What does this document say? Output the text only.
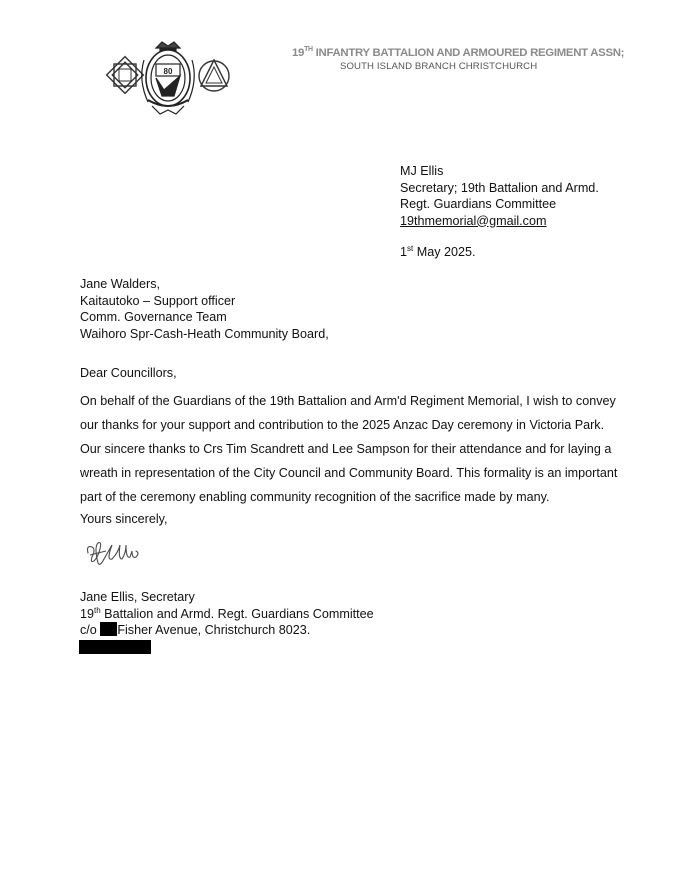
80
19TH INFANTRY BATTALION AND ARMOURED REGIMENT ASSN;
SOUTH ISLAND BRANCH CHRISTCHURCH
MJ Ellis
Secretary; 19th Battalion and Armd.
Regt. Guardians Committee
19thmemorial@gmail.com
1st May 2025.
Jane Walders,
Kaitautoko – Support officer
Comm. Governance Team
Waihoro Spr-Cash-Heath Community Board,
Dear Councillors,
On behalf of the Guardians of the 19th Battalion and Arm'd Regiment Memorial, I wish to convey
our thanks for your support and contribution to the 2025 Anzac Day ceremony in Victoria Park.
Our sincere thanks to Crs Tim Scandrett and Lee Sampson for their attendance and for laying a
wreath in representation of the City Council and Community Board. This formality is an important
part of the ceremony enabling community recognition of the sacrifice made by many.
Yours sincerely,
Jane Ellis, Secretary
19th Battalion and Armd. Regt. Guardians Committee
c/o Fisher Avenue, Christchurch 8023.
